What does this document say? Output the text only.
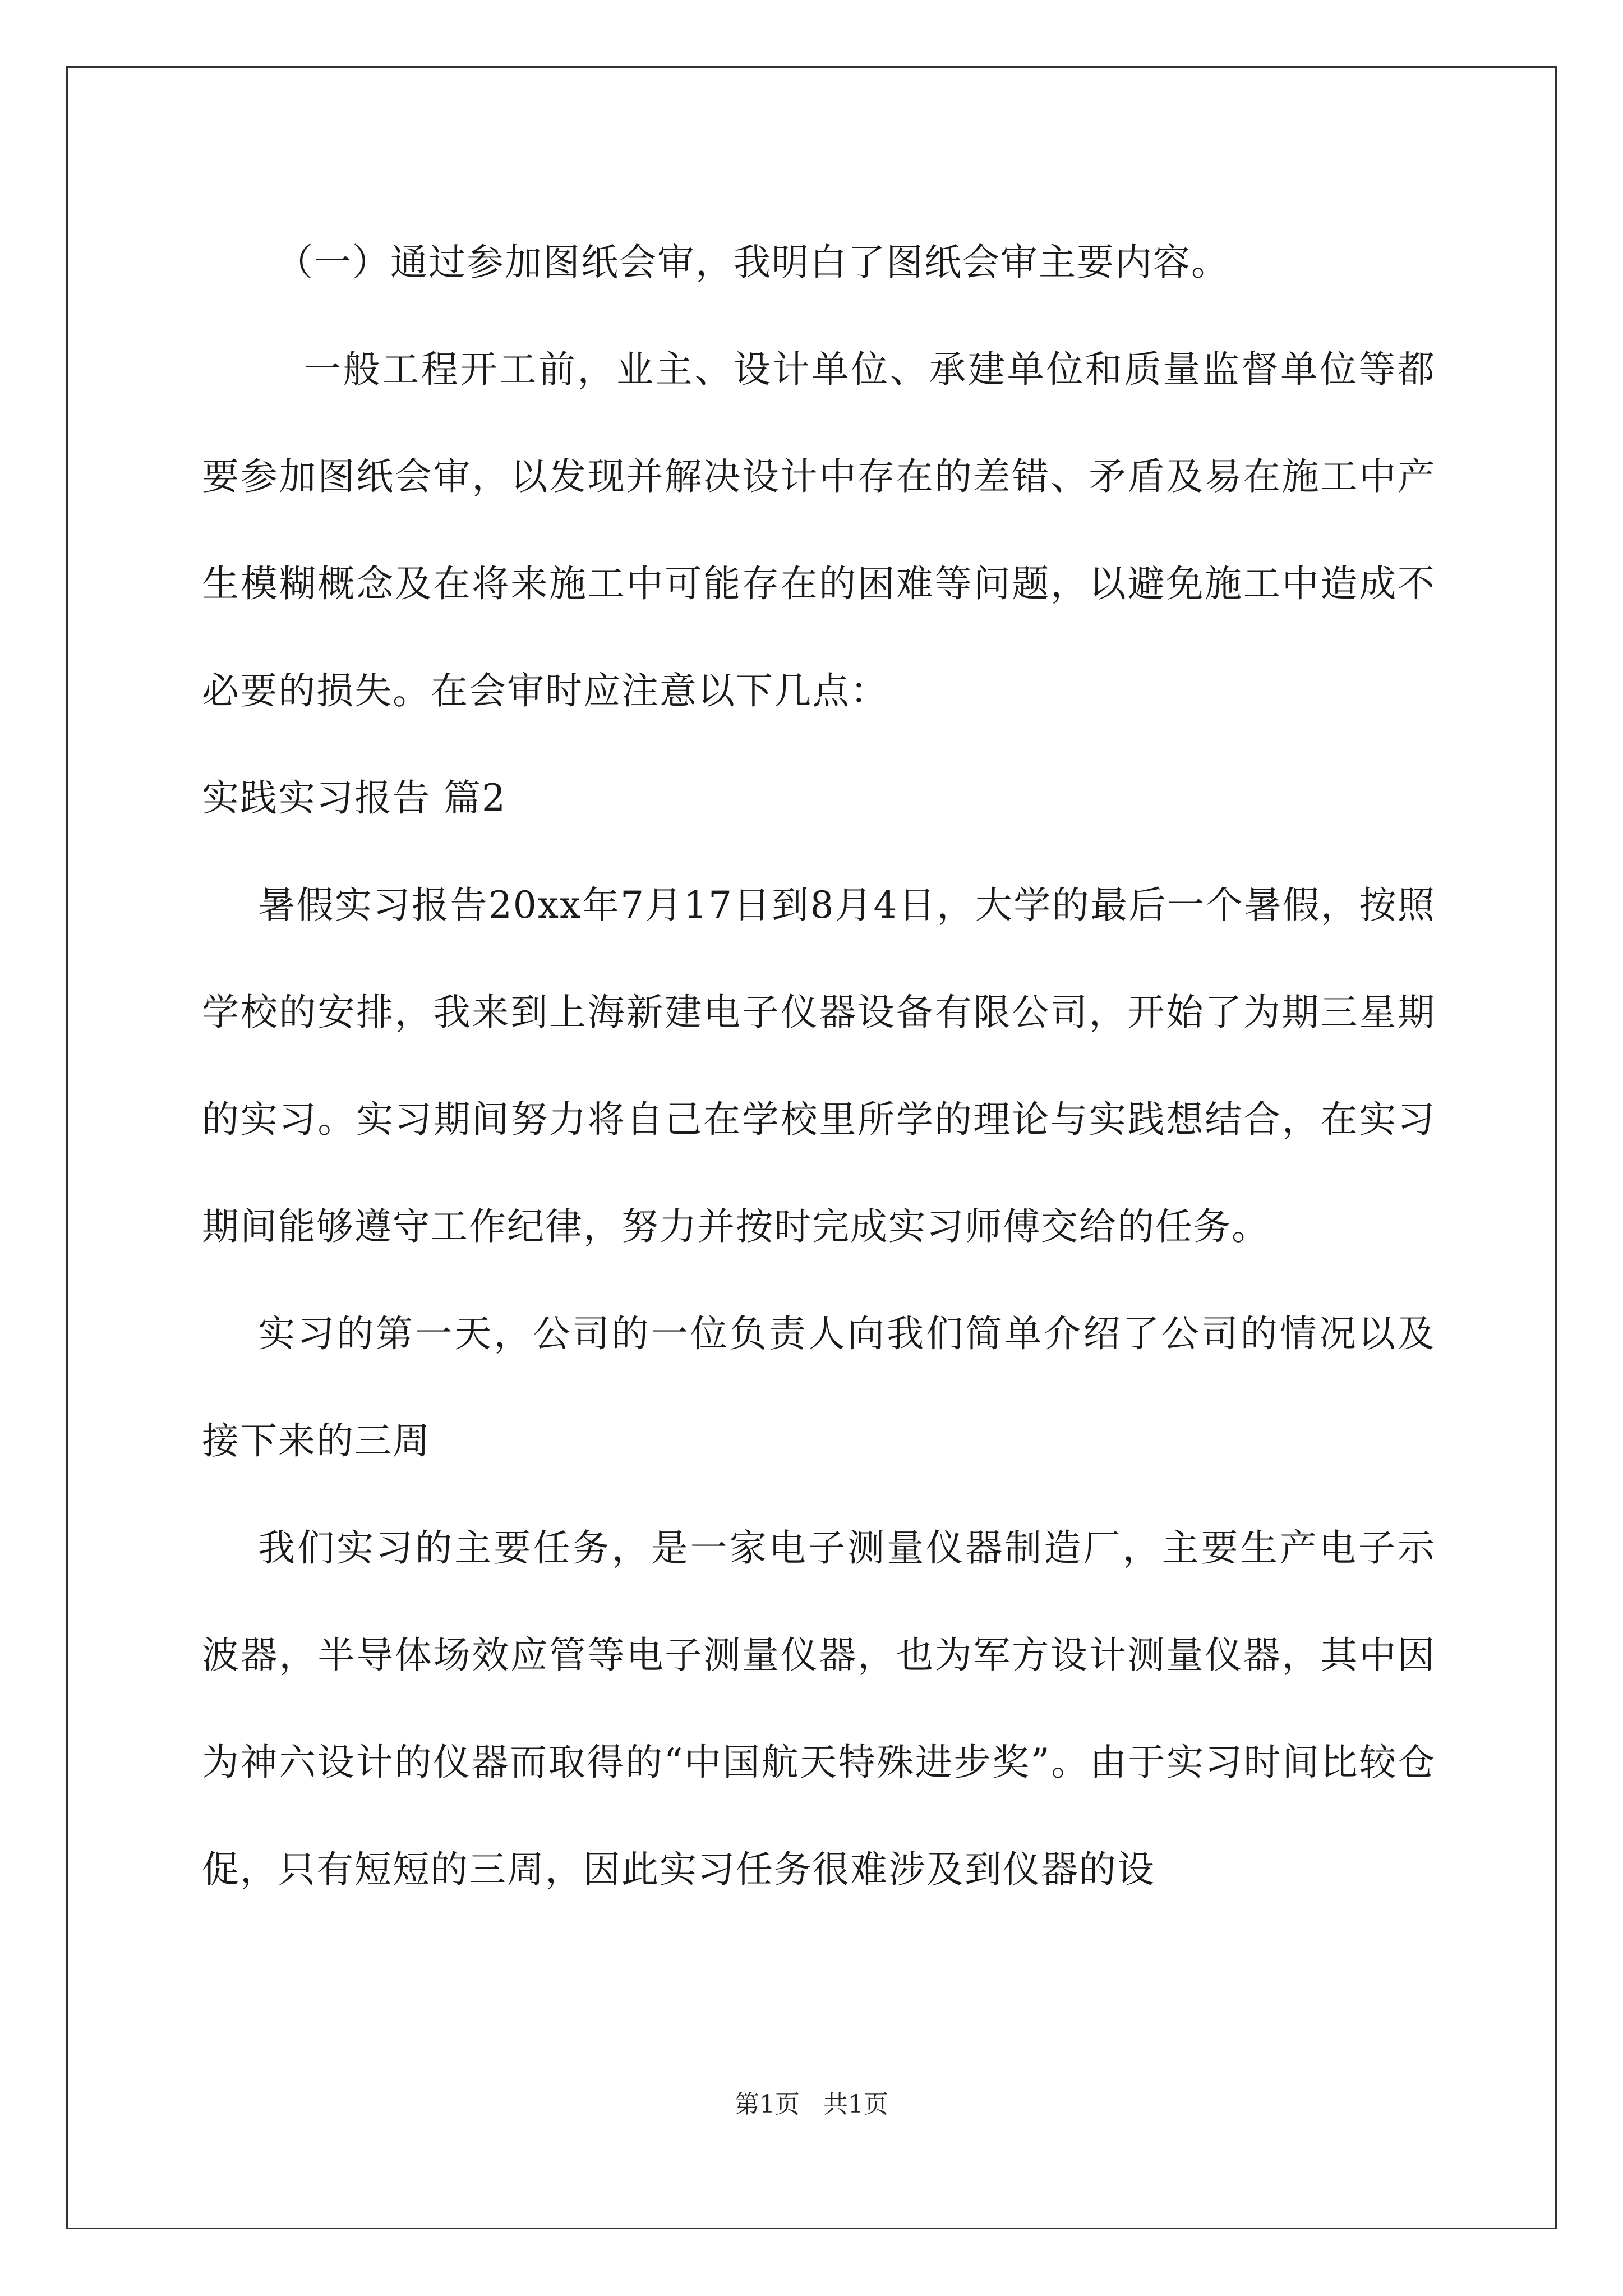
（一）通过参加图纸会审，我明白了图纸会审主要内容。

一般工程开工前，业主、设计单位、承建单位和质量监督单位等都要参加图纸会审，以发现并解决设计中存在的差错、矛盾及易在施工中产生模糊概念及在将来施工中可能存在的困难等问题，以避免施工中造成不必要的损失。在会审时应注意以下几点：

实践实习报告 篇2

暑假实习报告20xx年7月17日到8月4日，大学的最后一个暑假，按照学校的安排，我来到上海新建电子仪器设备有限公司，开始了为期三星期的实习。实习期间努力将自己在学校里所学的理论与实践想结合，在实习期间能够遵守工作纪律，努力并按时完成实习师傅交给的任务。

实习的第一天，公司的一位负责人向我们简单介绍了公司的情况以及接下来的三周

我们实习的主要任务，是一家电子测量仪器制造厂，主要生产电子示波器，半导体场效应管等电子测量仪器，也为军方设计测量仪器，其中因为神六设计的仪器而取得的“中国航天特殊进步奖”。由于实习时间比较仓促，只有短短的三周，因此实习任务很难涉及到仪器的设

第1页 共1页
